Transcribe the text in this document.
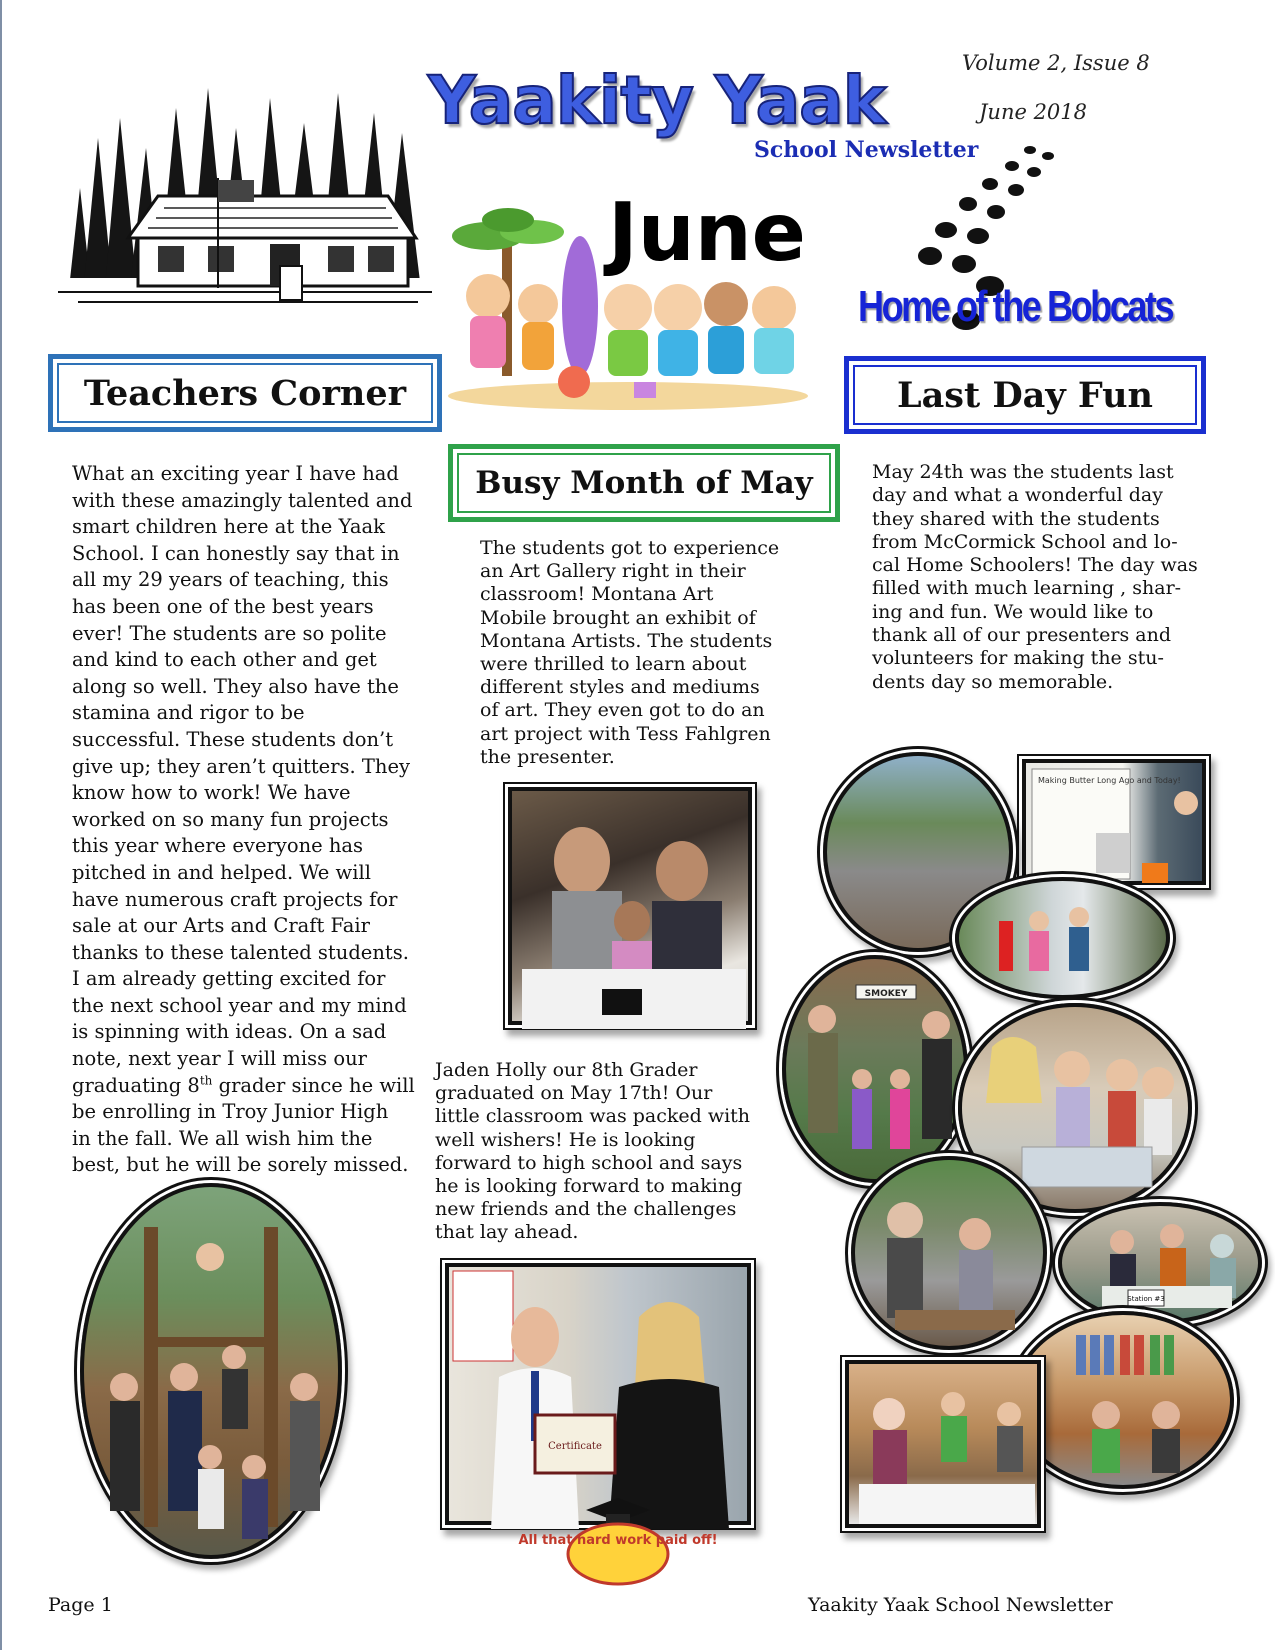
Yaakity Yaak
School Newsletter
Volume 2, Issue 8
June 2018
June
Home of the Bobcats
Teachers Corner	Last Day Fun
Busy Month of May
What an exciting year I have had
with these amazingly talented and
smart children here at the Yaak
School. I can honestly say that in
all my 29 years of teaching, this
has been one of the best years
ever! The students are so polite
and kind to each other and get
along so well. They also have the
stamina and rigor to be
successful. These students don’t
give up; they aren’t quitters. They
know how to work! We have
worked on so many fun projects
this year where everyone has
pitched in and helped. We will
have numerous craft projects for
sale at our Arts and Craft Fair
thanks to these talented students.
I am already getting excited for
the next school year and my mind
is spinning with ideas. On a sad
note, next year I will miss our
graduating 8th grader since he will
be enrolling in Troy Junior High
in the fall. We all wish him the
best, but he will be sorely missed.
The students got to experience
an Art Gallery right in their
classroom! Montana Art
Mobile brought an exhibit of
Montana Artists. The students
were thrilled to learn about
different styles and mediums
of art. They even got to do an
art project with Tess Fahlgren
the presenter.
May 24th was the students last
day and what a wonderful day
they shared with the students
from McCormick School and lo-
cal Home Schoolers! The day was
filled with much learning , shar-
ing and fun. We would like to
thank all of our presenters and
volunteers for making the stu-
dents day so memorable.
Jaden Holly our 8th Grader
graduated on May 17th! Our
little classroom was packed with
well wishers! He is looking
forward to high school and says
he is looking forward to making
new friends and the challenges
that lay ahead.
Certificate
All that hard work paid off!
Making Butter Long Ago and Today!
SMOKEY
Station #3
Page 1	Yaakity Yaak School Newsletter
